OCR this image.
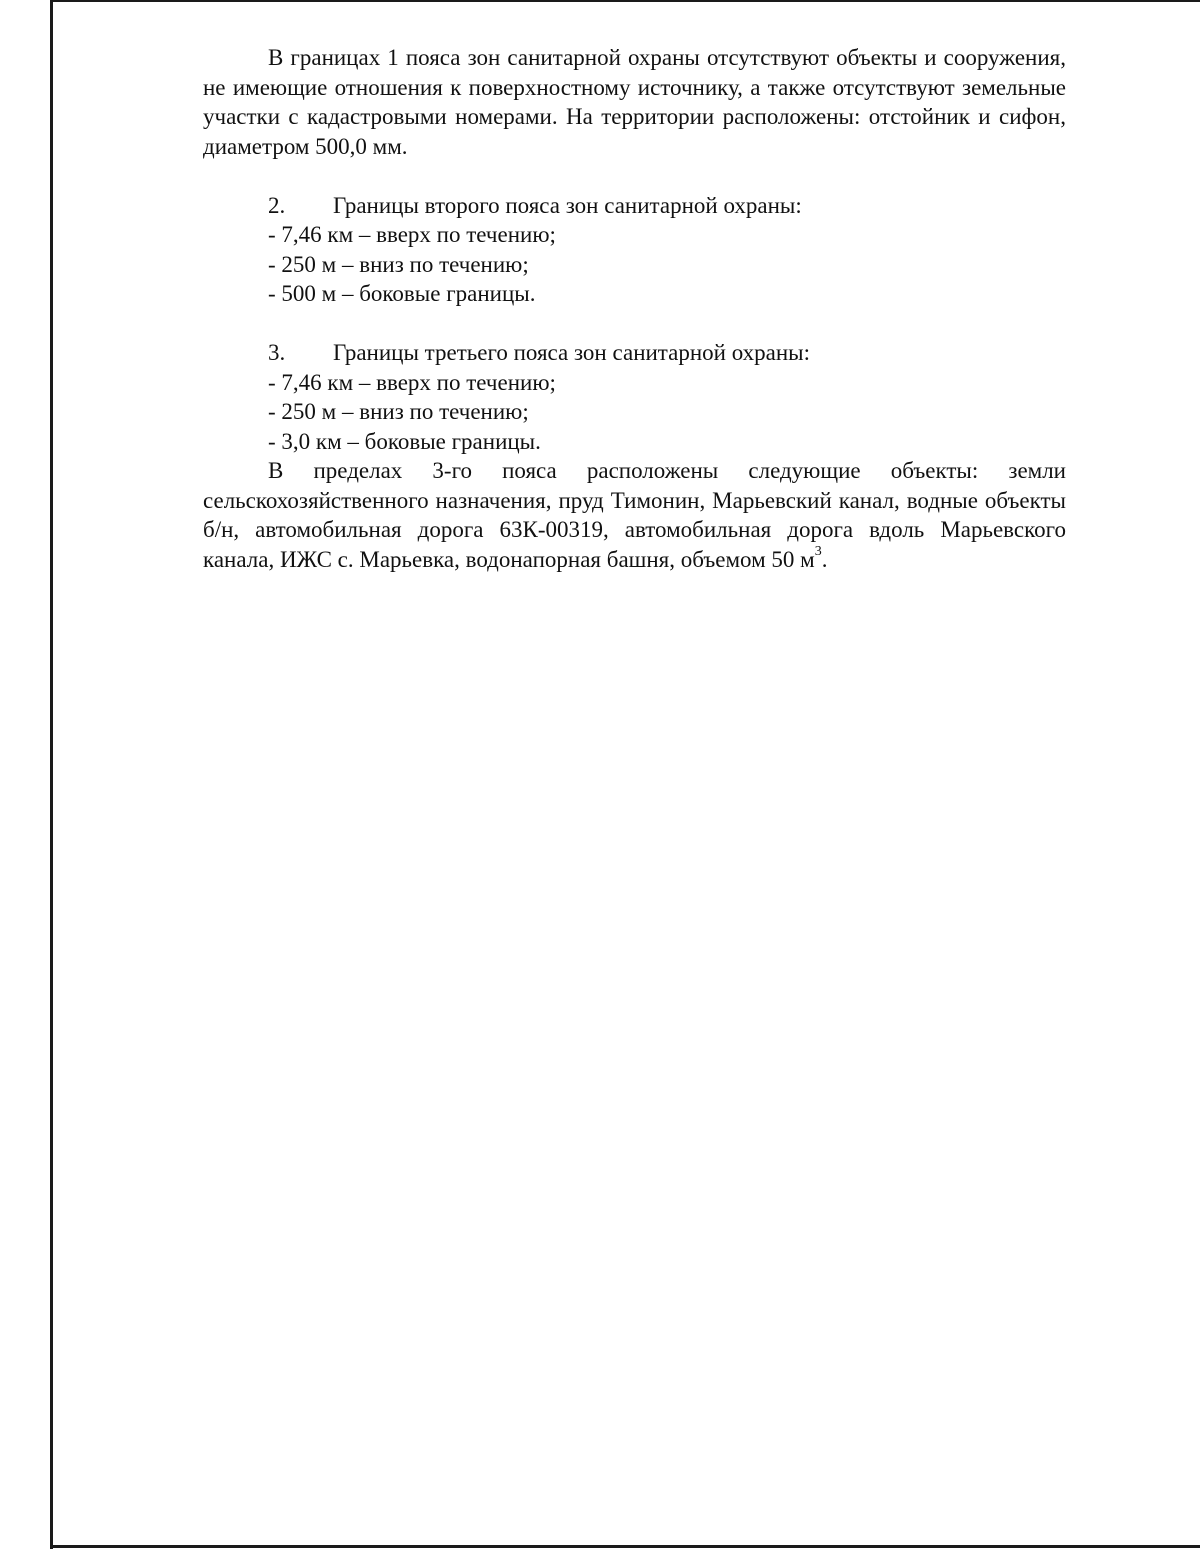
В границах 1 пояса зон санитарной охраны отсутствуют объекты и сооружения, не имеющие отношения к поверхностному источнику, а также отсутствуют земельные участки с кадастровыми номерами. На территории расположены: отстойник и сифон, диаметром 500,0 мм.

2.	Границы второго пояса зон санитарной охраны:

- 7,46 км – вверх по течению;

- 250 м – вниз по течению;

- 500 м – боковые границы.

3.	Границы третьего пояса зон санитарной охраны:

- 7,46 км – вверх по течению;

- 250 м – вниз по течению;

- 3,0 км – боковые границы.

В пределах 3-го пояса расположены следующие объекты: земли сельскохозяйственного назначения, пруд Тимонин, Марьевский канал, водные объекты б/н, автомобильная дорога 63К-00319, автомобильная дорога вдоль Марьевского канала, ИЖС с. Марьевка, водонапорная башня, объемом 50 $м^3$.
